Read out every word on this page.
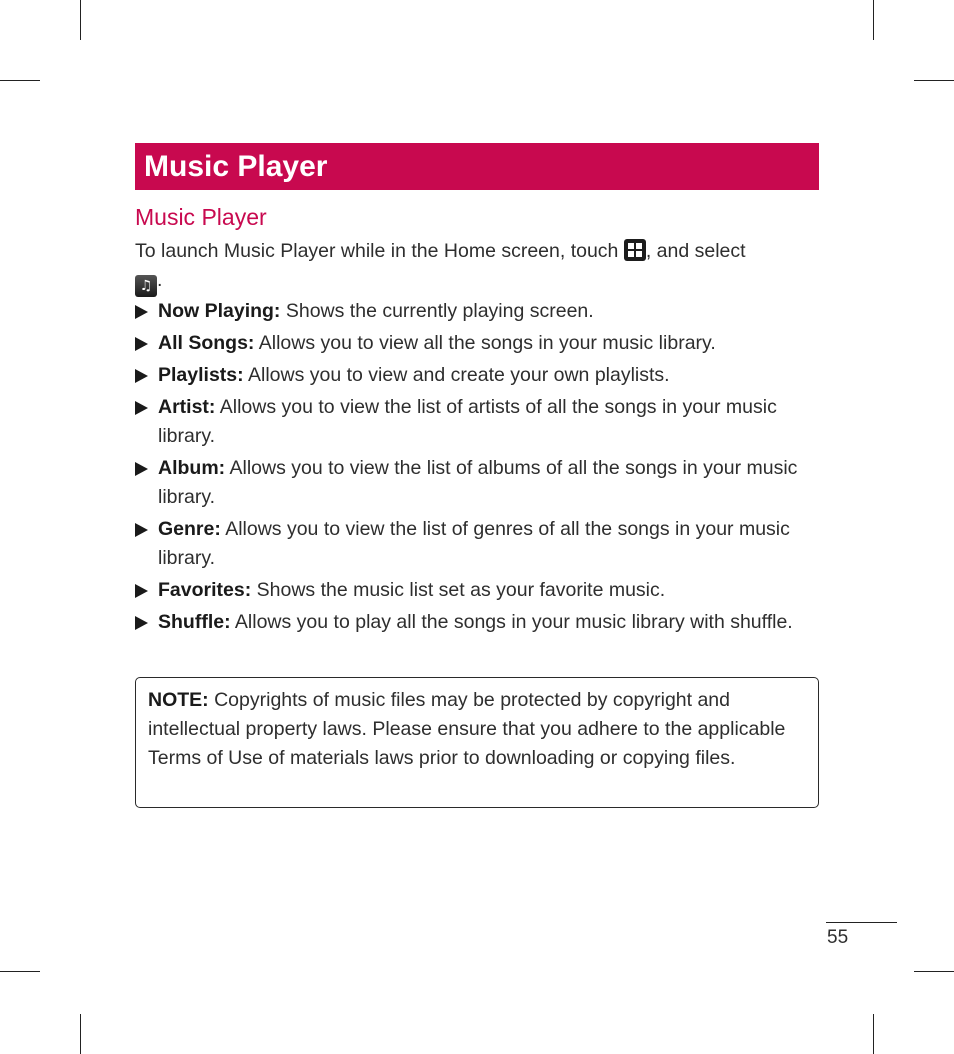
Music Player
Music Player
To launch Music Player while in the Home screen, touch
, and select
♫ .
Now Playing: Shows the currently playing screen.
All Songs: Allows you to view all the songs in your music library.
Playlists: Allows you to view and create your own playlists.
Artist: Allows you to view the list of artists of all the songs in your music library.
Album: Allows you to view the list of albums of all the songs in your music library.
Genre: Allows you to view the list of genres of all the songs in your music library.
Favorites: Shows the music list set as your favorite music.
Shuffle: Allows you to play all the songs in your music library with shuffle.
NOTE: Copyrights of music files may be protected by copyright and intellectual property laws. Please ensure that you adhere to the applicable Terms of Use of materials laws prior to downloading or copying files.
55
